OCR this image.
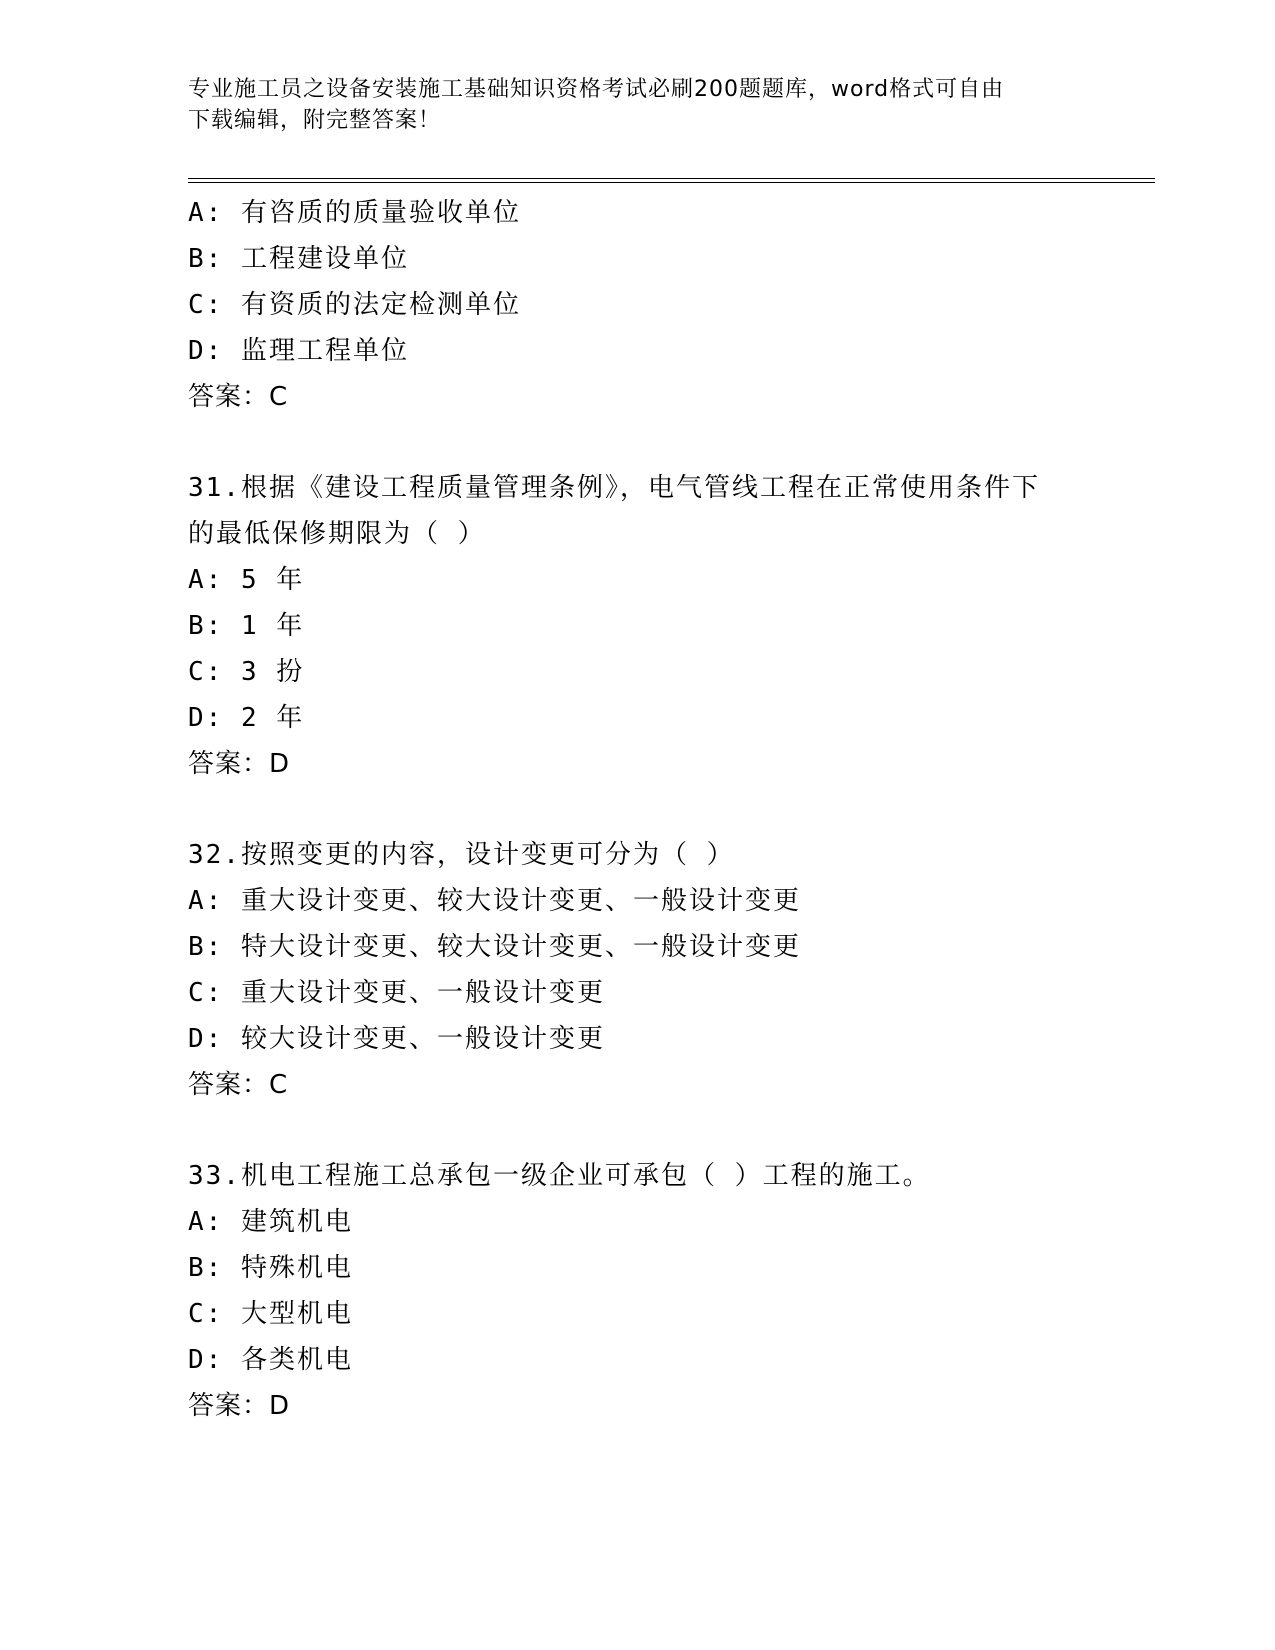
专业施工员之设备安装施工基础知识资格考试必刷200题题库，word格式可自由
下载编辑，附完整答案！
A: 有咨质的质量验收单位
B: 工程建设单位
C: 有资质的法定检测单位
D: 监理工程单位
答案：C
31.根据《建设工程质量管理条例》，电气管线工程在正常使用条件下
的最低保修期限为（ ）
A: 5 年
B: 1 年
C: 3 扮
D: 2 年
答案：D
32.按照变更的内容，设计变更可分为（ ）
A: 重大设计变更、较大设计变更、一般设计变更
B: 特大设计变更、较大设计变更、一般设计变更
C: 重大设计变更、一般设计变更
D: 较大设计变更、一般设计变更
答案：C
33.机电工程施工总承包一级企业可承包（ ）工程的施工。
A: 建筑机电
B: 特殊机电
C: 大型机电
D: 各类机电
答案：D
